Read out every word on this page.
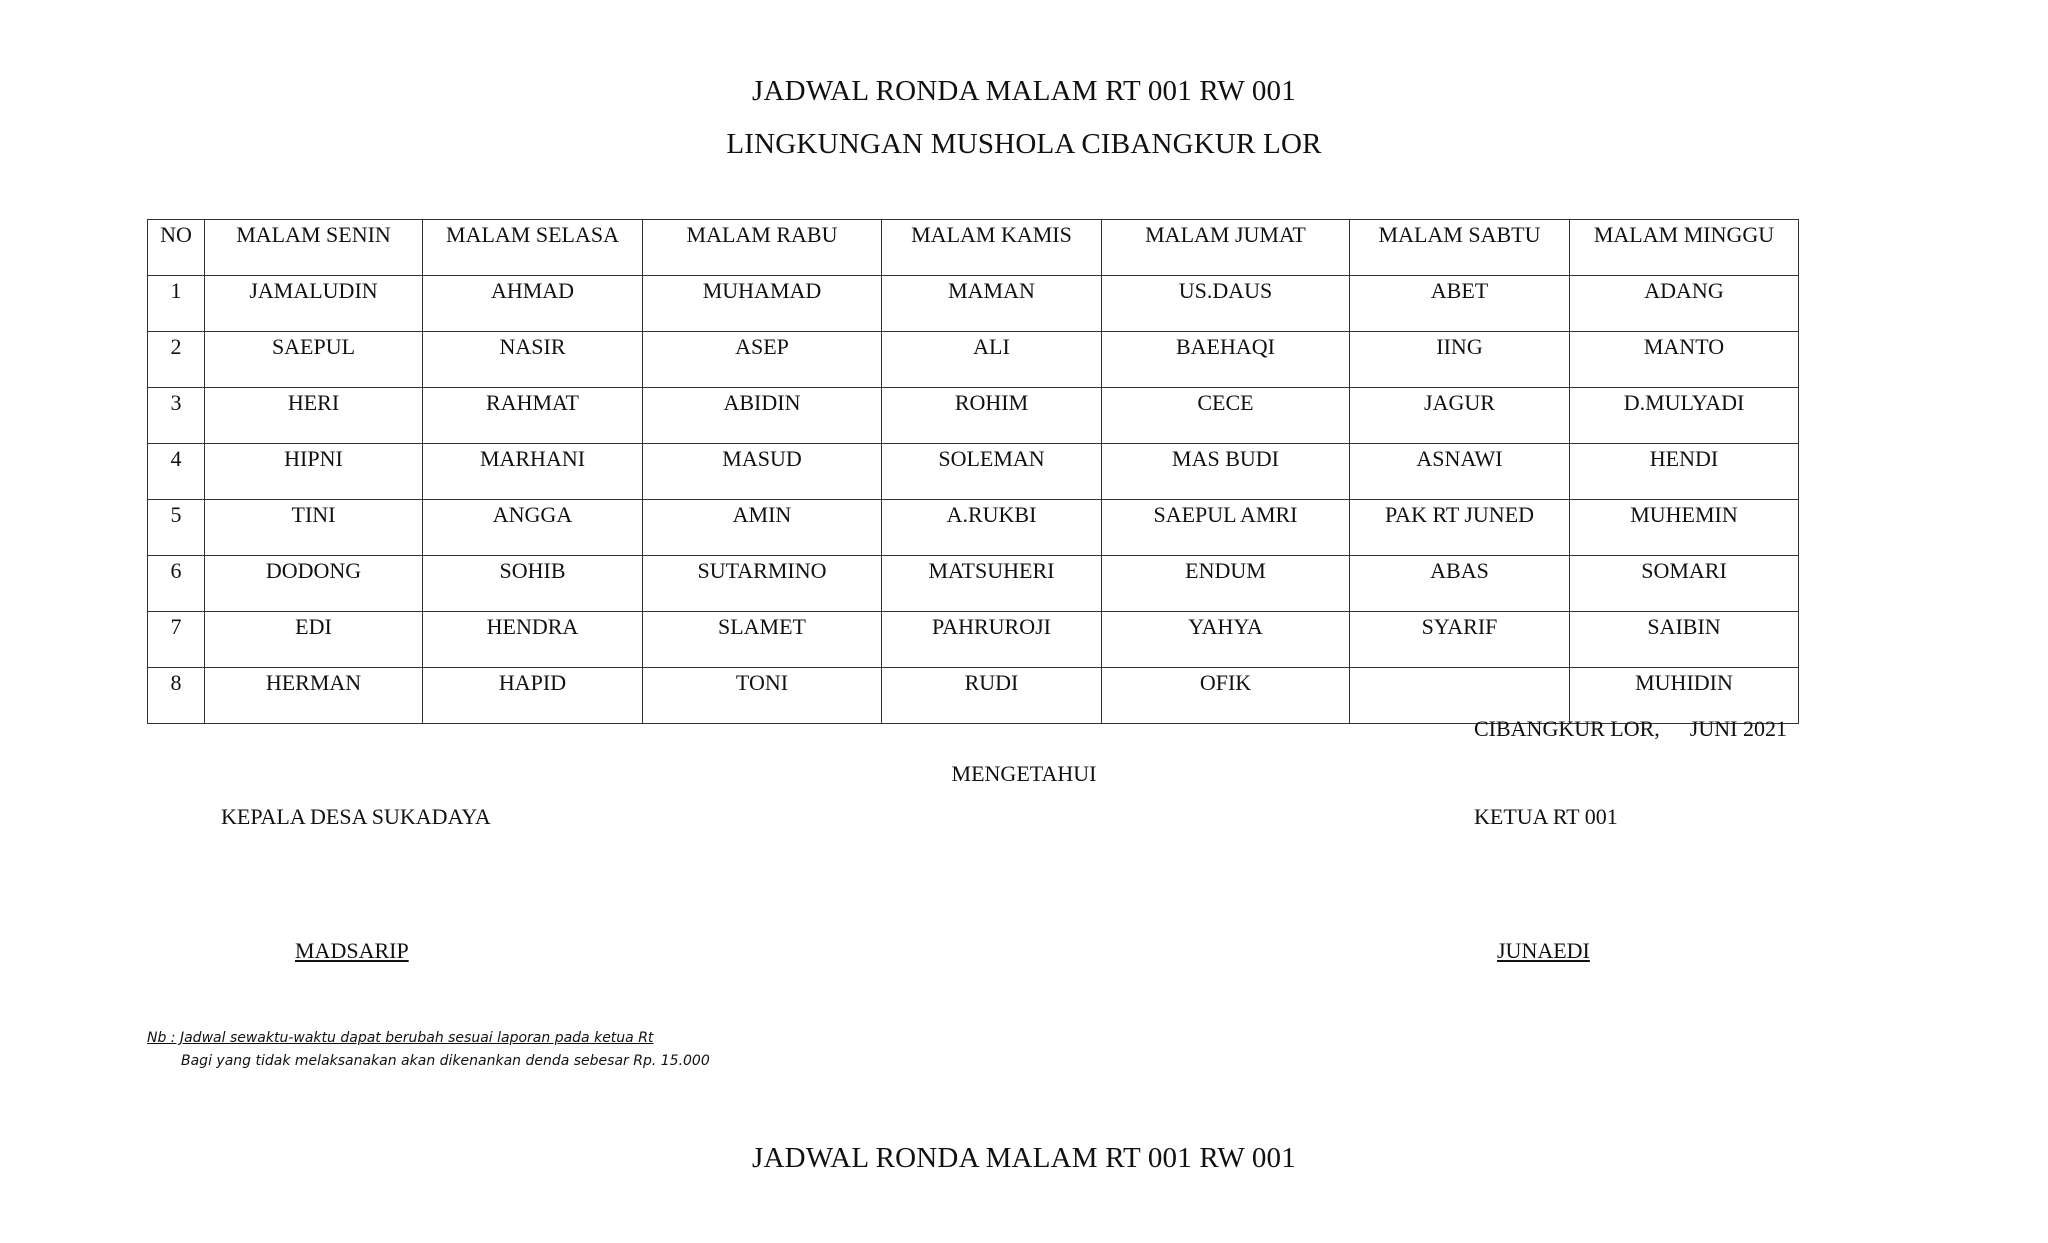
JADWAL RONDA MALAM RT 001 RW 001
LINGKUNGAN MUSHOLA CIBANGKUR LOR
NO	MALAM SENIN	MALAM SELASA	MALAM RABU	MALAM KAMIS	MALAM JUMAT	MALAM SABTU	MALAM MINGGU
1	JAMALUDIN	AHMAD	MUHAMAD	MAMAN	US.DAUS	ABET	ADANG
2	SAEPUL	NASIR	ASEP	ALI	BAEHAQI	IING	MANTO
3	HERI	RAHMAT	ABIDIN	ROHIM	CECE	JAGUR	D.MULYADI
4	HIPNI	MARHANI	MASUD	SOLEMAN	MAS BUDI	ASNAWI	HENDI
5	TINI	ANGGA	AMIN	A.RUKBI	SAEPUL AMRI	PAK RT JUNED	MUHEMIN
6	DODONG	SOHIB	SUTARMINO	MATSUHERI	ENDUM	ABAS	SOMARI
7	EDI	HENDRA	SLAMET	PAHRUROJI	YAHYA	SYARIF	SAIBIN
8	HERMAN	HAPID	TONI	RUDI	OFIK		MUHIDIN
CIBANGKUR LOR, JUNI 2021
MENGETAHUI
KEPALA DESA SUKADAYA	KETUA RT 001
MADSARIP	JUNAEDI
Nb : Jadwal sewaktu-waktu dapat berubah sesuai laporan pada ketua Rt
Bagi yang tidak melaksanakan akan dikenankan denda sebesar Rp. 15.000
JADWAL RONDA MALAM RT 001 RW 001
